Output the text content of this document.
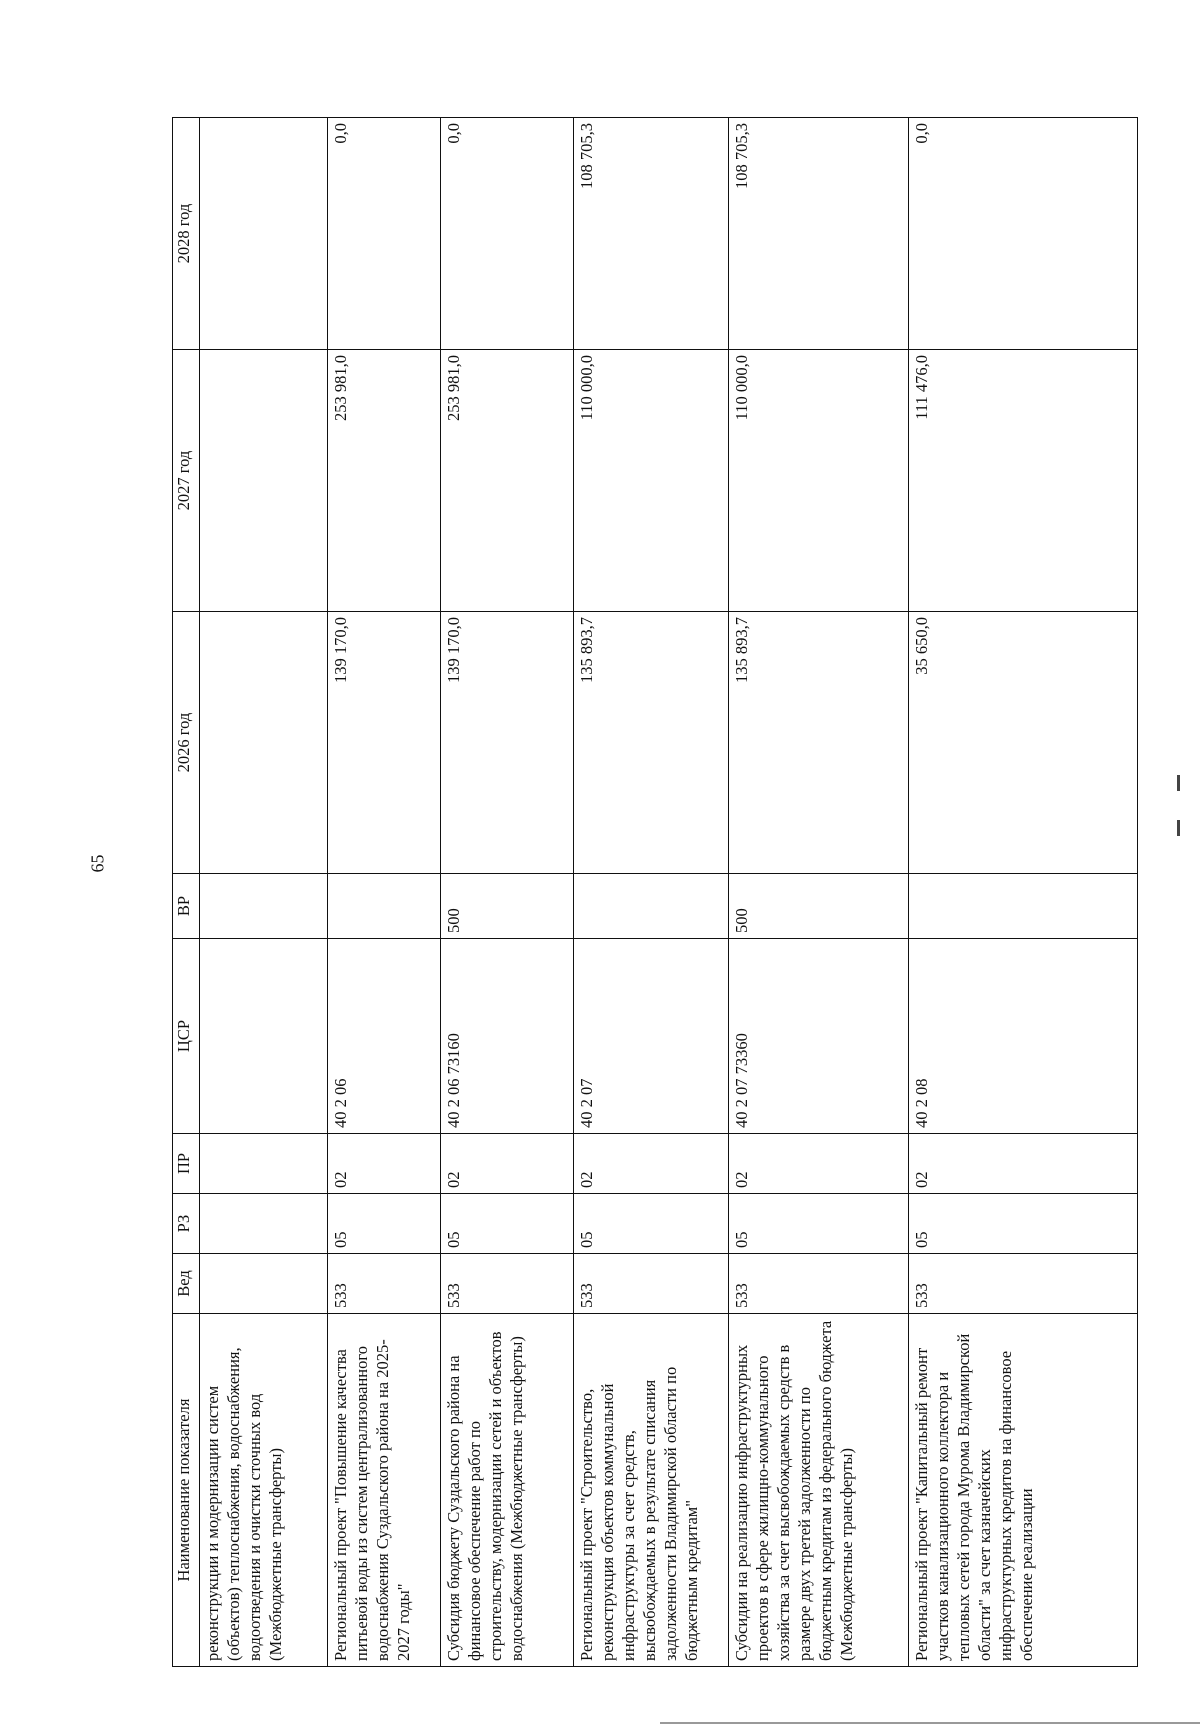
65
Наименование показателя	Вед	РЗ	ПР	ЦСР	ВР	2026 год	2027 год	2028 год
реконструкции и модернизации систем (объектов) теплоснабжения, водоснабжения, водоотведения и очистки сточных вод (Межбюджетные трансферты)								
Региональный проект "Повышение качества питьевой воды из систем централизованного водоснабжения Суздальского района на 2025-2027 годы"	533	05	02	40 2 06		139 170,0	253 981,0	0,0
Субсидия бюджету Суздальского района на финансовое обеспечение работ по строительству, модернизации сетей и объектов водоснабжения (Межбюджетные трансферты)	533	05	02	40 2 06 73160	500	139 170,0	253 981,0	0,0
Региональный проект "Строительство, реконструкция объектов коммунальной инфраструктуры за счет средств, высвобождаемых в результате списания задолженности Владимирской области по бюджетным кредитам"	533	05	02	40 2 07		135 893,7	110 000,0	108 705,3
Субсидии на реализацию инфраструктурных проектов в сфере жилищно-коммунального хозяйства за счет высвобождаемых средств в размере двух третей задолженности по бюджетным кредитам из федерального бюджета (Межбюджетные трансферты)	533	05	02	40 2 07 73360	500	135 893,7	110 000,0	108 705,3
Региональный проект "Капитальный ремонт участков канализационного коллектора и тепловых сетей города Мурома Владимирской области" за счет казначейских инфраструктурных кредитов на финансовое обеспечение реализации	533	05	02	40 2 08		35 650,0	111 476,0	0,0
